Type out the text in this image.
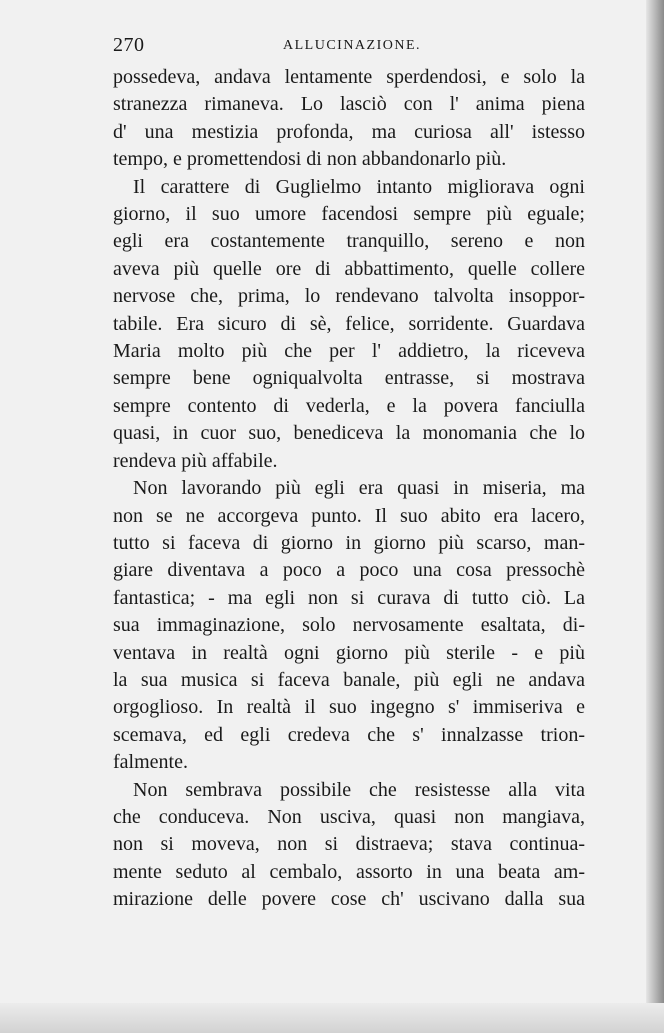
270	ALLUCINAZIONE.
possedeva, andava lentamente sperdendosi, e solo la
stranezza rimaneva. Lo lasciò con l' anima piena
d' una mestizia profonda, ma curiosa all' istesso
tempo, e promettendosi di non abbandonarlo più.
Il carattere di Guglielmo intanto migliorava ogni
giorno, il suo umore facendosi sempre più eguale;
egli era costantemente tranquillo, sereno e non
aveva più quelle ore di abbattimento, quelle collere
nervose che, prima, lo rendevano talvolta insoppor-
tabile. Era sicuro di sè, felice, sorridente. Guardava
Maria molto più che per l' addietro, la riceveva
sempre bene ogniqualvolta entrasse, si mostrava
sempre contento di vederla, e la povera fanciulla
quasi, in cuor suo, benediceva la monomania che lo
rendeva più affabile.
Non lavorando più egli era quasi in miseria, ma
non se ne accorgeva punto. Il suo abito era lacero,
tutto si faceva di giorno in giorno più scarso, man-
giare diventava a poco a poco una cosa pressochè
fantastica; - ma egli non si curava di tutto ciò. La
sua immaginazione, solo nervosamente esaltata, di-
ventava in realtà ogni giorno più sterile - e più
la sua musica si faceva banale, più egli ne andava
orgoglioso. In realtà il suo ingegno s' immiseriva e
scemava, ed egli credeva che s' innalzasse trion-
falmente.
Non sembrava possibile che resistesse alla vita
che conduceva. Non usciva, quasi non mangiava,
non si moveva, non si distraeva; stava continua-
mente seduto al cembalo, assorto in una beata am-
mirazione delle povere cose ch' uscivano dalla sua
